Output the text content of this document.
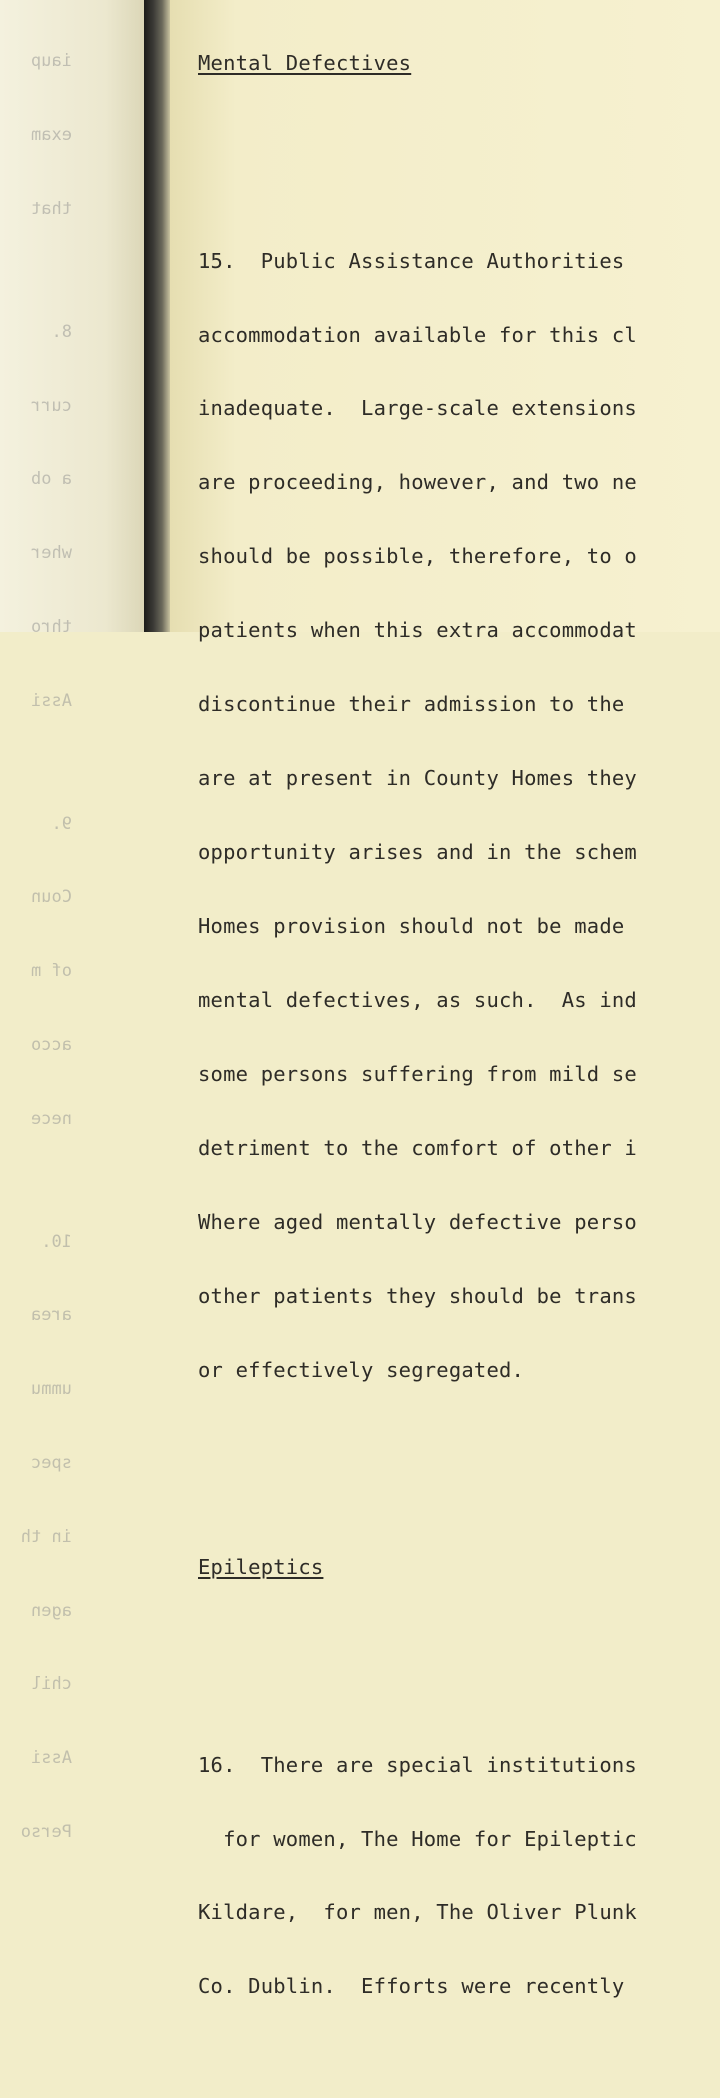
iaup

exam

that

8.

curr

a ob

wher

thro

Assi

9.

Coun

of m

acco

nece

10.

area

ummu

spec

in th

agen

chil

Assi

Perso

Mental Defectives

15.  Public Assistance Authorities

accommodation available for this cl

inadequate.  Large-scale extensions

are proceeding, however, and two ne

should be possible, therefore, to o

patients when this extra accommodat

discontinue their admission to the

are at present in County Homes they

opportunity arises and in the schem

Homes provision should not be made

mental defectives, as such.  As ind

some persons suffering from mild se

detriment to the comfort of other i

Where aged mentally defective perso

other patients they should be trans

or effectively segregated.

Epileptics

16.  There are special institutions

for women, The Home for Epileptic

Kildare,  for men, The Oliver Plunk

Co. Dublin.  Efforts were recently
